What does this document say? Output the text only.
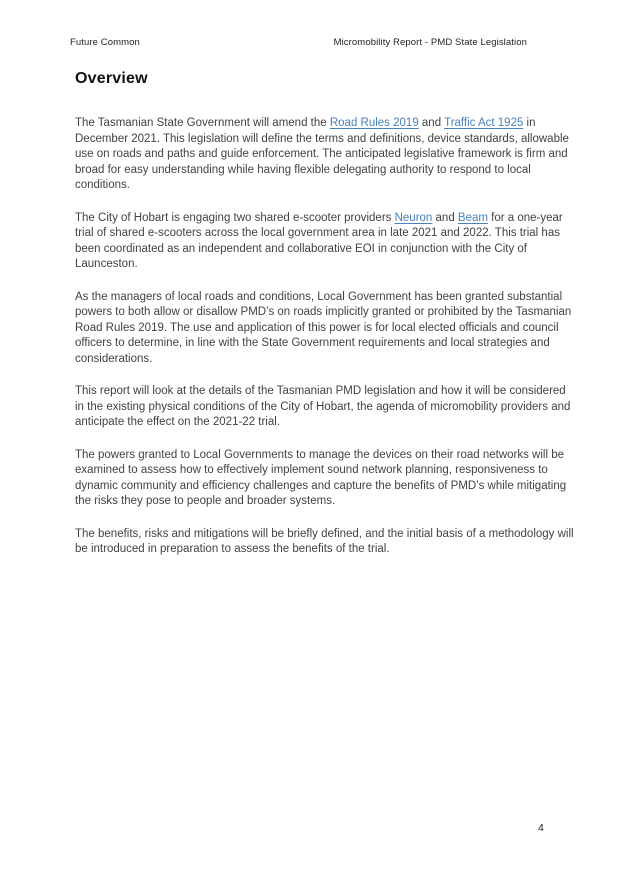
Future Common	Micromobility Report - PMD State Legislation
Overview

The Tasmanian State Government will amend the Road Rules 2019 and Traffic Act 1925 in December 2021. This legislation will define the terms and definitions, device standards, allowable use on roads and paths and guide enforcement. The anticipated legislative framework is firm and broad for easy understanding while having flexible delegating authority to respond to local conditions.

The City of Hobart is engaging two shared e-scooter providers Neuron and Beam for a one-year trial of shared e-scooters across the local government area in late 2021 and 2022. This trial has been coordinated as an independent and collaborative EOI in conjunction with the City of Launceston.

As the managers of local roads and conditions, Local Government has been granted substantial powers to both allow or disallow PMD’s on roads implicitly granted or prohibited by the Tasmanian Road Rules 2019. The use and application of this power is for local elected officials and council officers to determine, in line with the State Government requirements and local strategies and considerations.

This report will look at the details of the Tasmanian PMD legislation and how it will be considered in the existing physical conditions of the City of Hobart, the agenda of micromobility providers and anticipate the effect on the 2021-22 trial.

The powers granted to Local Governments to manage the devices on their road networks will be examined to assess how to effectively implement sound network planning, responsiveness to dynamic community and efficiency challenges and capture the benefits of PMD’s while mitigating the risks they pose to people and broader systems.

The benefits, risks and mitigations will be briefly defined, and the initial basis of a methodology will be introduced in preparation to assess the benefits of the trial.

4
